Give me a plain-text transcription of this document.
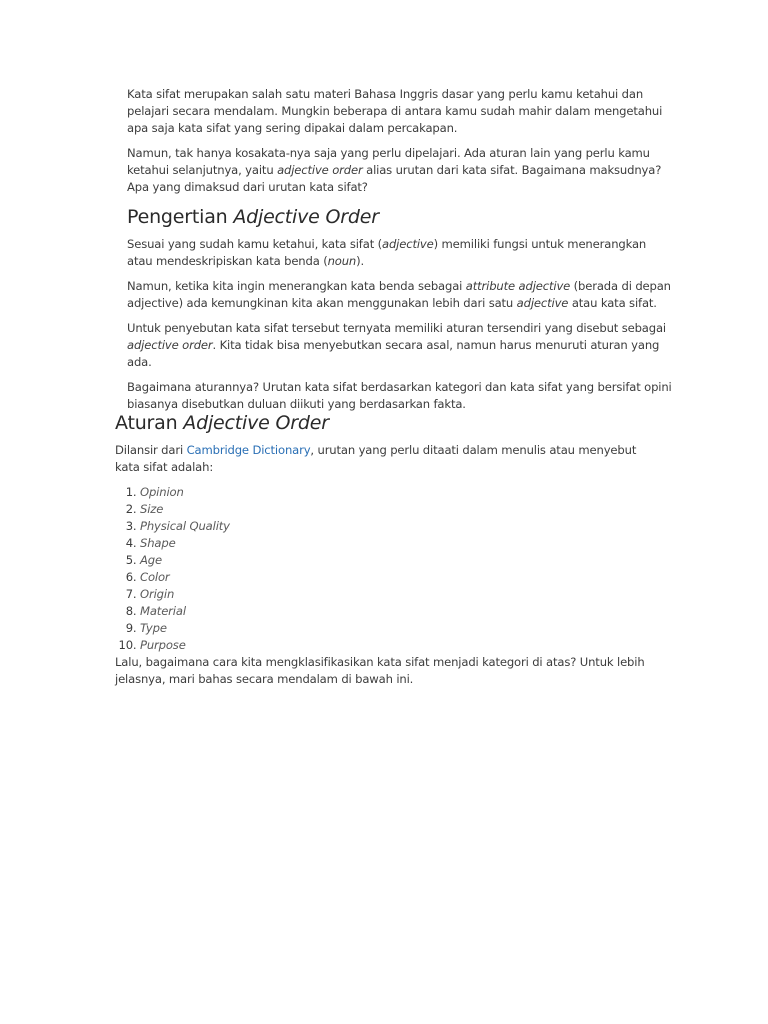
Kata sifat merupakan salah satu materi Bahasa Inggris dasar yang perlu kamu ketahui dan pelajari secara mendalam. Mungkin beberapa di antara kamu sudah mahir dalam mengetahui apa saja kata sifat yang sering dipakai dalam percakapan.

Namun, tak hanya kosakata-nya saja yang perlu dipelajari. Ada aturan lain yang perlu kamu ketahui selanjutnya, yaitu adjective order alias urutan dari kata sifat. Bagaimana maksudnya? Apa yang dimaksud dari urutan kata sifat?

Pengertian Adjective Order

Sesuai yang sudah kamu ketahui, kata sifat (adjective) memiliki fungsi untuk menerangkan atau mendeskripiskan kata benda (noun).

Namun, ketika kita ingin menerangkan kata benda sebagai attribute adjective (berada di depan adjective) ada kemungkinan kita akan menggunakan lebih dari satu adjective atau kata sifat.

Untuk penyebutan kata sifat tersebut ternyata memiliki aturan tersendiri yang disebut sebagai adjective order. Kita tidak bisa menyebutkan secara asal, namun harus menuruti aturan yang ada.

Bagaimana aturannya? Urutan kata sifat berdasarkan kategori dan kata sifat yang bersifat opini biasanya disebutkan duluan diikuti yang berdasarkan fakta.

Aturan Adjective Order

Dilansir dari Cambridge Dictionary, urutan yang perlu ditaati dalam menulis atau menyebut kata sifat adalah:

1. Opinion
2. Size
3. Physical Quality
4. Shape
5. Age
6. Color
7. Origin
8. Material
9. Type
10. Purpose

Lalu, bagaimana cara kita mengklasifikasikan kata sifat menjadi kategori di atas? Untuk lebih jelasnya, mari bahas secara mendalam di bawah ini.
